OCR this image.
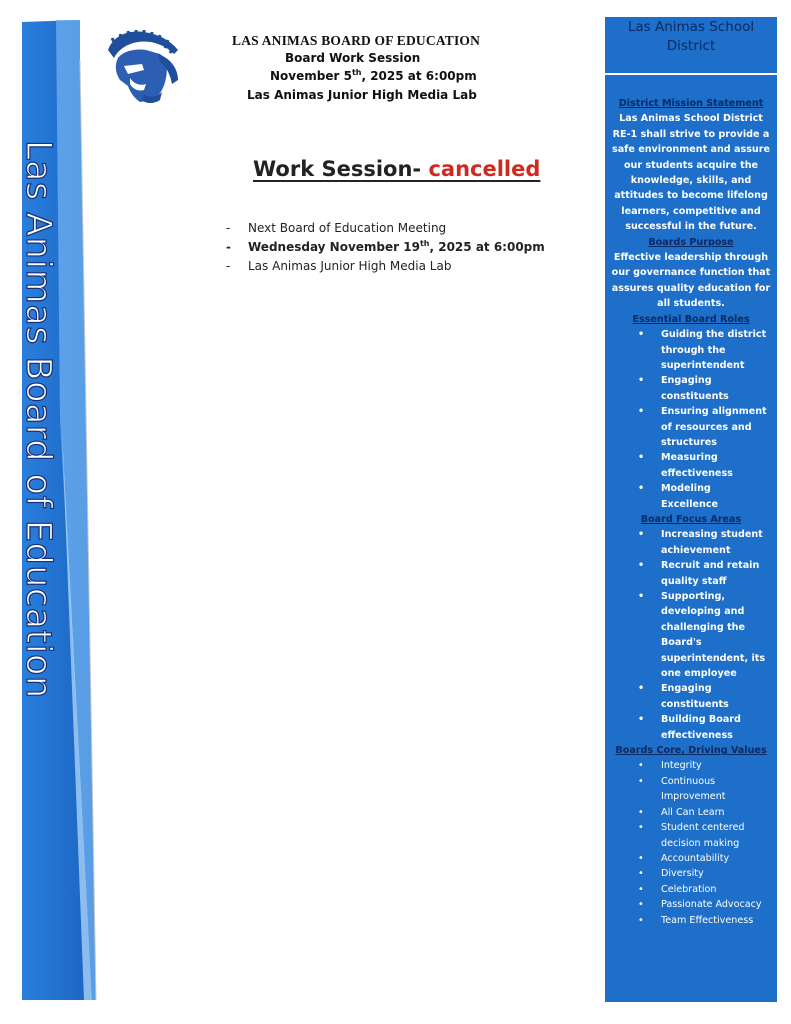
Las Animas Board of Education
LAS ANIMAS BOARD OF EDUCATION
Board Work Session
November 5th, 2025 at 6:00pm
Las Animas Junior High Media Lab
Work Session- cancelled
- Next Board of Education Meeting
- Wednesday November 19th, 2025 at 6:00pm
- Las Animas Junior High Media Lab
Las Animas School District
District Mission Statement
Las Animas School District RE-1 shall strive to provide a safe environment and assure our students acquire the knowledge, skills, and attitudes to become lifelong learners, competitive and successful in the future.
Boards Purpose
Effective leadership through our governance function that assures quality education for all students.
Essential Board Roles
• Guiding the district through the superintendent
• Engaging constituents
• Ensuring alignment of resources and structures
• Measuring effectiveness
• Modeling Excellence
Board Focus Areas
• Increasing student achievement
• Recruit and retain quality staff
• Supporting, developing and challenging the Board's superintendent, its one employee
• Engaging constituents
• Building Board effectiveness
Boards Core, Driving Values
• Integrity
• Continuous Improvement
• All Can Learn
• Student centered decision making
• Accountability
• Diversity
• Celebration
• Passionate Advocacy
• Team Effectiveness
